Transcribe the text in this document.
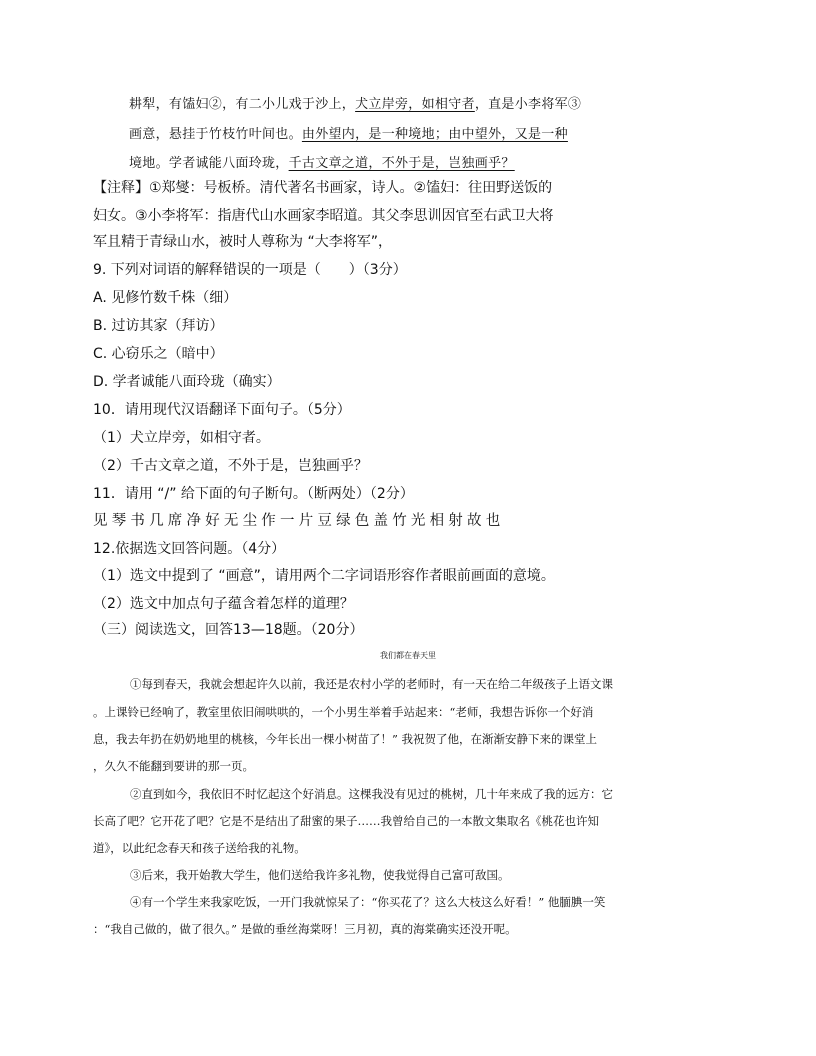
耕犁，有馌妇②，有二小儿戏于沙上，犬立岸旁，如相守者，直是小李将军③
画意，悬挂于竹枝竹叶间也。由外望内，是一种境地；由中望外，又是一种
境地。学者诚能八面玲珑，千古文章之道，不外于是，岂独画乎？
【注释】①郑燮：号板桥。清代著名书画家，诗人。②馌妇：往田野送饭的
妇女。③小李将军：指唐代山水画家李昭道。其父李思训因官至右武卫大将
军且精于青绿山水，被时人尊称为 “大李将军”，
9. 下列对词语的解释错误的一项是（　　）（3分）
A. 见修竹数千株（细）
B. 过访其家（拜访）
C. 心窃乐之（暗中）
D. 学者诚能八面玲珑（确实）
10．请用现代汉语翻译下面句子。（5分）
（1）犬立岸旁，如相守者。
（2）千古文章之道，不外于是，岂独画乎？
11．请用 “/” 给下面的句子断句。（断两处）（2分）
见琴书几席净好无尘作一片豆绿色盖竹光相射故也
12.依据选文回答问题。（4分）
（1）选文中提到了 “画意”，请用两个二字词语形容作者眼前画面的意境。
（2）选文中加点句子蕴含着怎样的道理？
（三）阅读选文，回答13—18题。（20分）
我们都在春天里
①每到春天，我就会想起许久以前，我还是农村小学的老师时，有一天在给二年级孩子上语文课
。上课铃已经响了，教室里依旧闹哄哄的，一个小男生举着手站起来：“老师，我想告诉你一个好消
息，我去年扔在奶奶地里的桃核，今年长出一棵小树苗了！” 我祝贺了他，在渐渐安静下来的课堂上
，久久不能翻到要讲的那一页。
②直到如今，我依旧不时忆起这个好消息。这棵我没有见过的桃树，几十年来成了我的远方：它
长高了吧？它开花了吧？它是不是结出了甜蜜的果子……我曾给自己的一本散文集取名《桃花也许知
道》，以此纪念春天和孩子送给我的礼物。
③后来，我开始教大学生，他们送给我许多礼物，使我觉得自己富可敌国。
④有一个学生来我家吃饭，一开门我就惊呆了：“你买花了？这么大枝这么好看！” 他腼腆一笑
：“我自己做的，做了很久。” 是做的垂丝海棠呀！三月初，真的海棠确实还没开呢。
